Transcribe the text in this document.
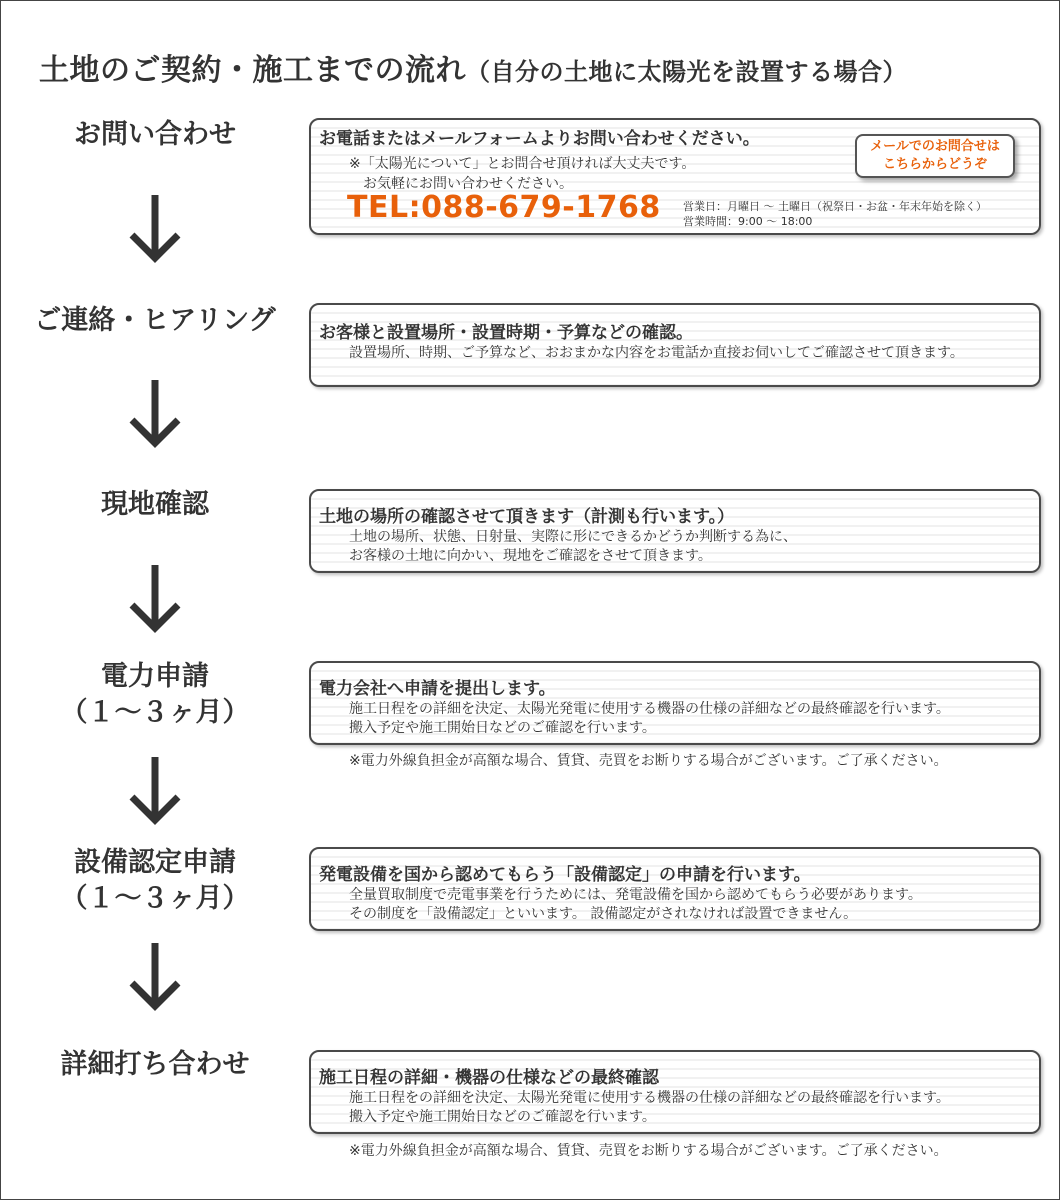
土地のご契約・施工までの流れ（自分の土地に太陽光を設置する場合）
お問い合わせ	お電話またはメールフォームよりお問い合わせください。
※「太陽光について」とお問合せ頂ければ大丈夫です。
お気軽にお問い合わせください。
TEL:088-679-1768 営業日：月曜日 ～ 土曜日（祝祭日・お盆・年末年始を除く）
営業時間：9:00 ～ 18:00
メールでのお問合せは
こちらからどうぞ
ご連絡・ヒアリング	お客様と設置場所・設置時期・予算などの確認。
設置場所、時期、ご予算など、おおまかな内容をお電話か直接お伺いしてご確認させて頂きます。
現地確認	土地の場所の確認させて頂きます（計測も行います。）
土地の場所、状態、日射量、実際に形にできるかどうか判断する為に、
お客様の土地に向かい、現地をご確認をさせて頂きます。
電力申請
（１～３ヶ月）
電力会社へ申請を提出します。
施工日程をの詳細を決定、太陽光発電に使用する機器の仕様の詳細などの最終確認を行います。
搬入予定や施工開始日などのご確認を行います。
※電力外線負担金が高額な場合、賃貸、売買をお断りする場合がございます。ご了承ください。
設備認定申請
（１～３ヶ月）
発電設備を国から認めてもらう「設備認定」の申請を行います。
全量買取制度で売電事業を行うためには、発電設備を国から認めてもらう必要があります。
その制度を「設備認定」といいます。 設備認定がされなければ設置できません。
詳細打ち合わせ	施工日程の詳細・機器の仕様などの最終確認
施工日程をの詳細を決定、太陽光発電に使用する機器の仕様の詳細などの最終確認を行います。
搬入予定や施工開始日などのご確認を行います。
※電力外線負担金が高額な場合、賃貸、売買をお断りする場合がございます。ご了承ください。
